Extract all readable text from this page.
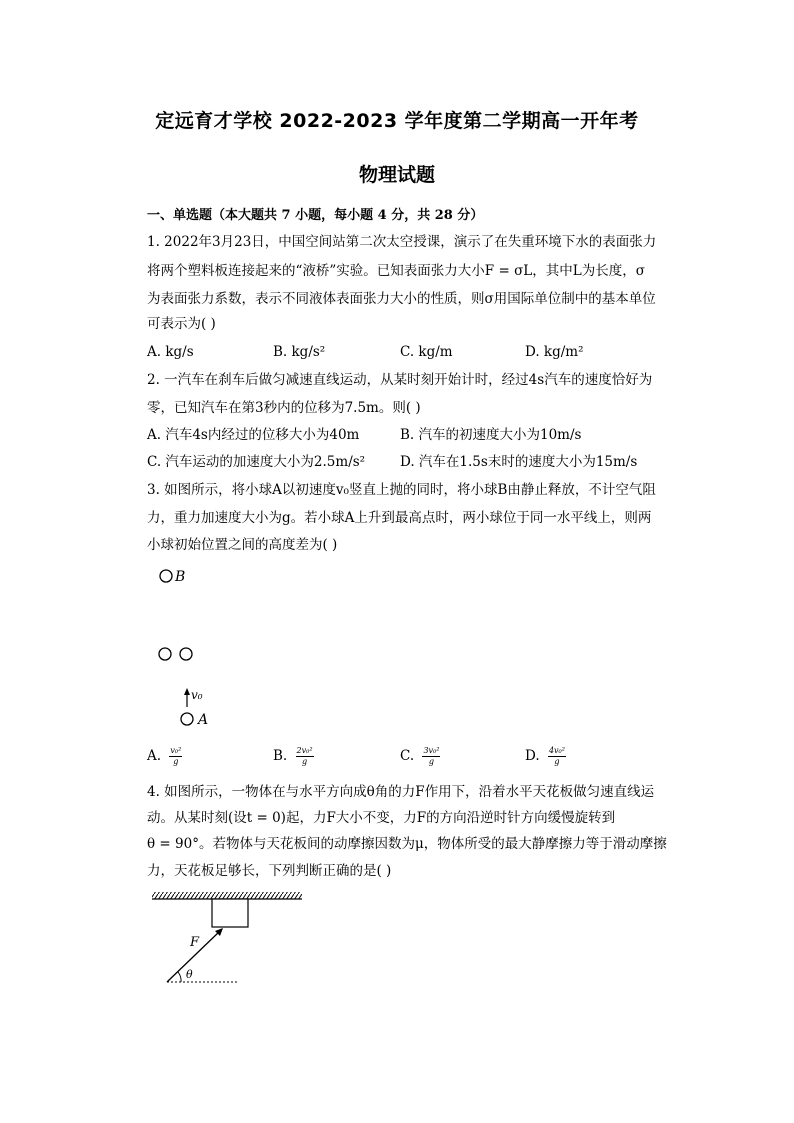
定远育才学校 2022-2023 学年度第二学期高一开年考
物理试题
一、单选题（本大题共 7 小题，每小题 4 分，共 28 分）
1. 2022年3月23日，中国空间站第二次太空授课，演示了在失重环境下水的表面张力
将两个塑料板连接起来的“液桥”实验。已知表面张力大小F = σL，其中L为长度，σ
为表面张力系数，表示不同液体表面张力大小的性质，则σ用国际单位制中的基本单位
可表示为( )
A. kg/s	B. kg/s²	C. kg/m	D. kg/m²
2. 一汽车在刹车后做匀减速直线运动，从某时刻开始计时，经过4s汽车的速度恰好为
零，已知汽车在第3秒内的位移为7.5m。则( )
A. 汽车4s内经过的位移大小为40m	B. 汽车的初速度大小为10m/s
C. 汽车运动的加速度大小为2.5m/s²	D. 汽车在1.5s末时的速度大小为15m/s
3. 如图所示，将小球A以初速度v₀竖直上抛的同时，将小球B由静止释放，不计空气阻
力，重力加速度大小为g。若小球A上升到最高点时，两小球位于同一水平线上，则两
小球初始位置之间的高度差为( )
B
v₀
A
A. $\frac{\text{v₀²}}{g}$	B. $\frac{\text{2v₀²}}{g}$	C. $\frac{\text{3v₀²}}{g}$	D. $\frac{\text{4v₀²}}{g}$
4. 如图所示，一物体在与水平方向成θ角的力F作用下，沿着水平天花板做匀速直线运
动。从某时刻(设t = 0)起，力F大小不变，力F的方向沿逆时针方向缓慢旋转到
θ = 90°。若物体与天花板间的动摩擦因数为μ，物体所受的最大静摩擦力等于滑动摩擦
力，天花板足够长，下列判断正确的是( )
F
θ
